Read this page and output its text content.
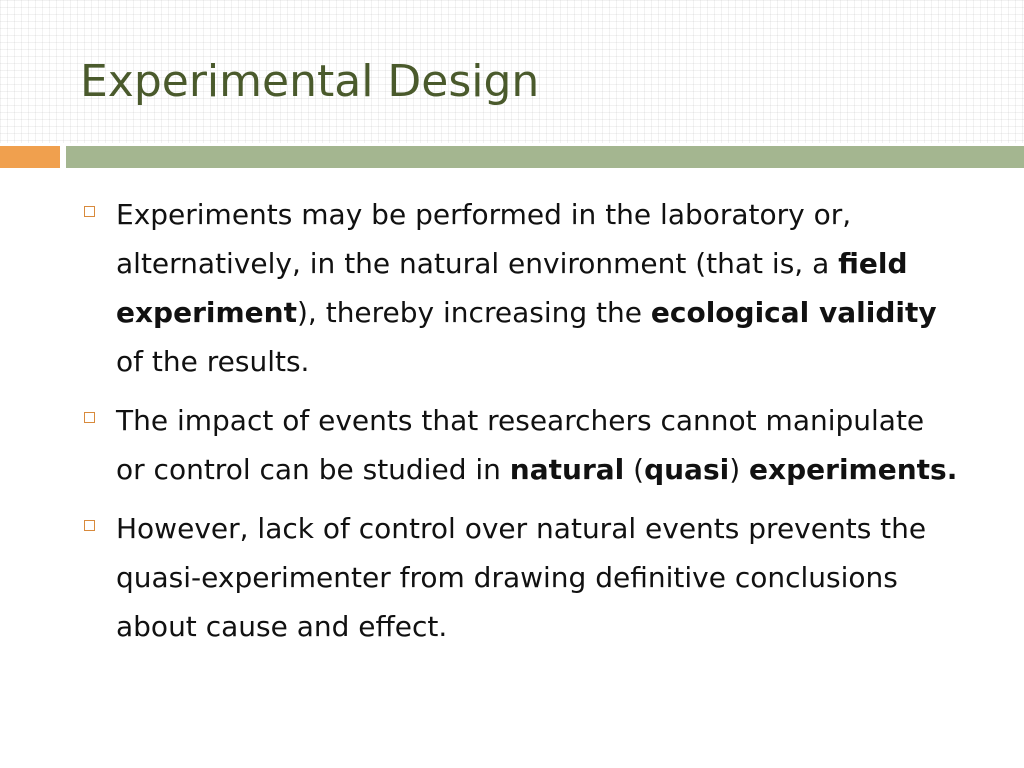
Experimental Design
Experiments may be performed in the laboratory or, alternatively, in the natural environment (that is, a field experiment), thereby increasing the ecological validity of the results.
The impact of events that researchers cannot manipulate or control can be studied in natural (quasi) experiments.
However, lack of control over natural events prevents the quasi-experimenter from drawing definitive conclusions about cause and effect.
